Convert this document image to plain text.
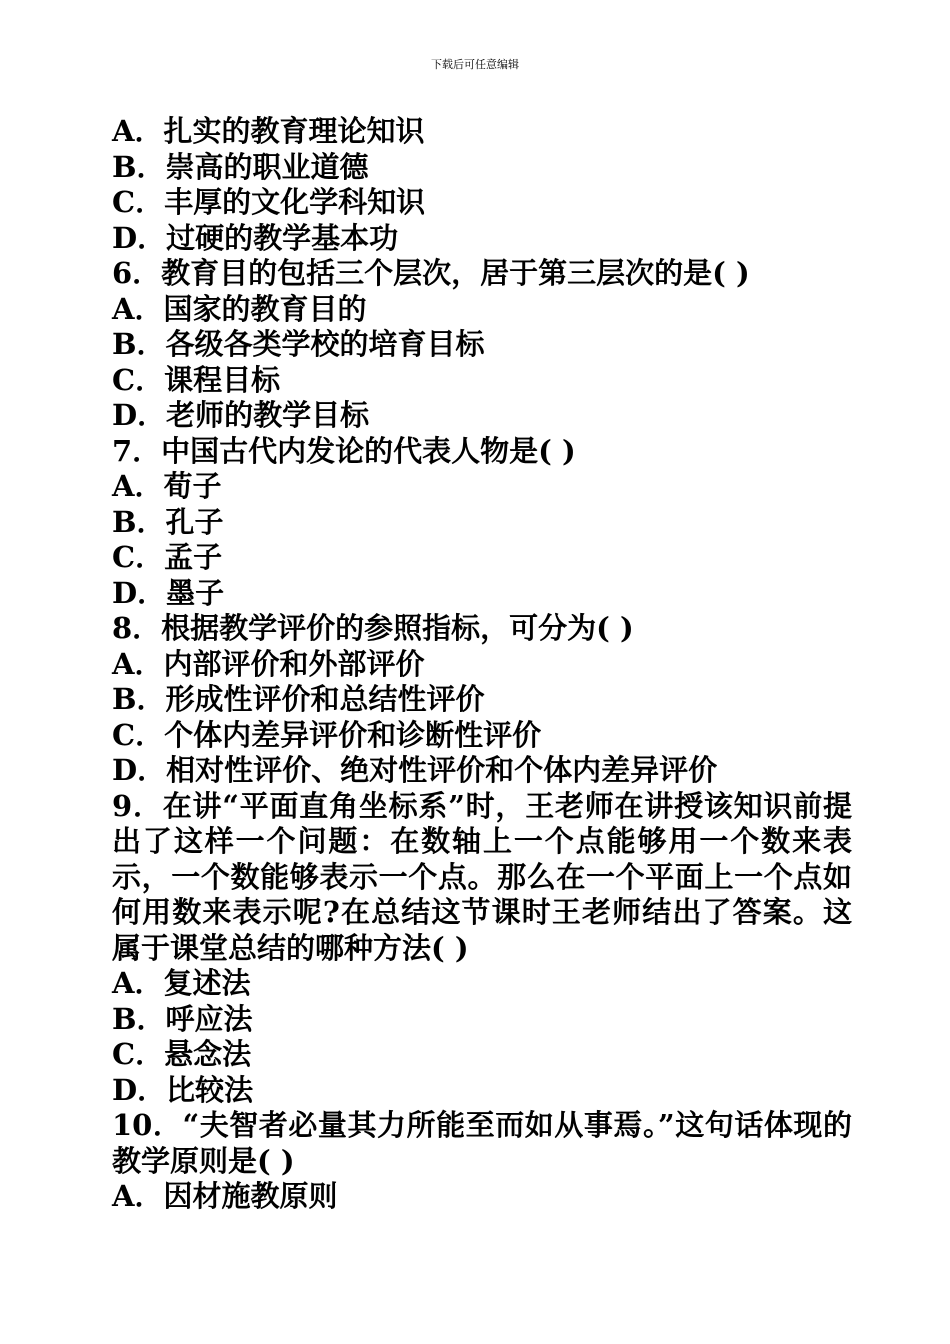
下载后可任意编辑
A．扎实的教育理论知识
B．崇高的职业道德
C．丰厚的文化学科知识
D．过硬的教学基本功
6．教育目的包括三个层次，居于第三层次的是( )
A．国家的教育目的
B．各级各类学校的培育目标
C．课程目标
D．老师的教学目标
7．中国古代内发论的代表人物是( )
A．荀子
B．孔子
C．孟子
D．墨子
8．根据教学评价的参照指标，可分为( )
A．内部评价和外部评价
B．形成性评价和总结性评价
C．个体内差异评价和诊断性评价
D．相对性评价、绝对性评价和个体内差异评价
9．在讲“平面直角坐标系”时，王老师在讲授该知识前提出了这样一个问题：在数轴上一个点能够用一个数来表示，一个数能够表示一个点。那么在一个平面上一个点如何用数来表示呢?在总结这节课时王老师结出了答案。这属于课堂总结的哪种方法( )
A．复述法
B．呼应法
C．悬念法
D．比较法
10．“夫智者必量其力所能至而如从事焉。”这句话体现的教学原则是( )
A．因材施教原则
